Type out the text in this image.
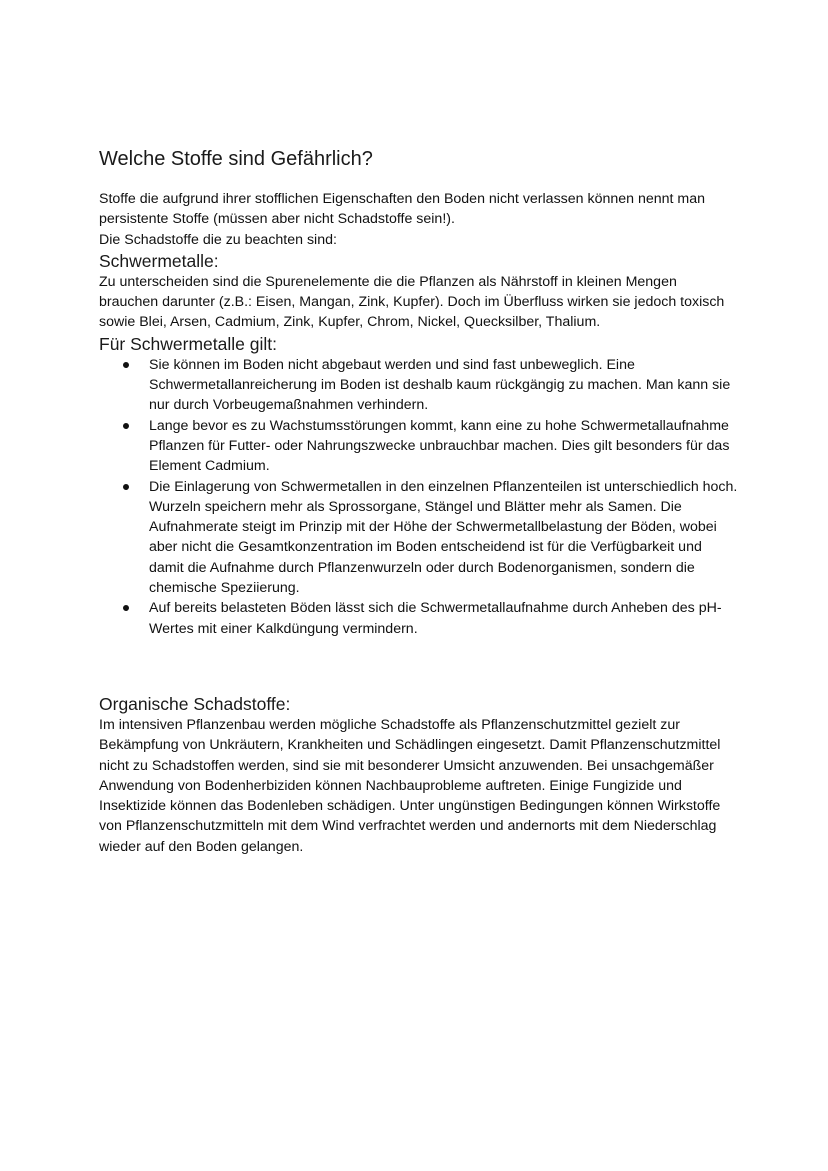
Welche Stoffe sind Gefährlich?

Stoffe die aufgrund ihrer stofflichen Eigenschaften den Boden nicht verlassen können nennt man persistente Stoffe (müssen aber nicht Schadstoffe sein!).

Die Schadstoffe die zu beachten sind:

Schwermetalle:

Zu unterscheiden sind die Spurenelemente die die Pflanzen als Nährstoff in kleinen Mengen brauchen darunter (z.B.: Eisen, Mangan, Zink, Kupfer). Doch im Überfluss wirken sie jedoch toxisch sowie Blei, Arsen, Cadmium, Zink, Kupfer, Chrom, Nickel, Quecksilber, Thalium.

Für Schwermetalle gilt:
Sie können im Boden nicht abgebaut werden und sind fast unbeweglich. Eine Schwermetallanreicherung im Boden ist deshalb kaum rückgängig zu machen. Man kann sie nur durch Vorbeugemaßnahmen verhindern.
Lange bevor es zu Wachstumsstörungen kommt, kann eine zu hohe Schwermetallaufnahme Pflanzen für Futter- oder Nahrungszwecke unbrauchbar machen. Dies gilt besonders für das Element Cadmium.
Die Einlagerung von Schwermetallen in den einzelnen Pflanzenteilen ist unterschiedlich hoch. Wurzeln speichern mehr als Sprossorgane, Stängel und Blätter mehr als Samen. Die Aufnahmerate steigt im Prinzip mit der Höhe der Schwermetallbelastung der Böden, wobei aber nicht die Gesamtkonzentration im Boden entscheidend ist für die Verfügbarkeit und damit die Aufnahme durch Pflanzenwurzeln oder durch Bodenorganismen, sondern die chemische Speziierung.
Auf bereits belasteten Böden lässt sich die Schwermetallaufnahme durch Anheben des pH-Wertes mit einer Kalkdüngung vermindern.
Organische Schadstoffe:

Im intensiven Pflanzenbau werden mögliche Schadstoffe als Pflanzenschutzmittel gezielt zur Bekämpfung von Unkräutern, Krankheiten und Schädlingen eingesetzt. Damit Pflanzenschutzmittel nicht zu Schadstoffen werden, sind sie mit besonderer Umsicht anzuwenden. Bei unsachgemäßer Anwendung von Bodenherbiziden können Nachbauprobleme auftreten. Einige Fungizide und Insektizide können das Bodenleben schädigen. Unter ungünstigen Bedingungen können Wirkstoffe von Pflanzenschutzmitteln mit dem Wind verfrachtet werden und andernorts mit dem Niederschlag wieder auf den Boden gelangen.
